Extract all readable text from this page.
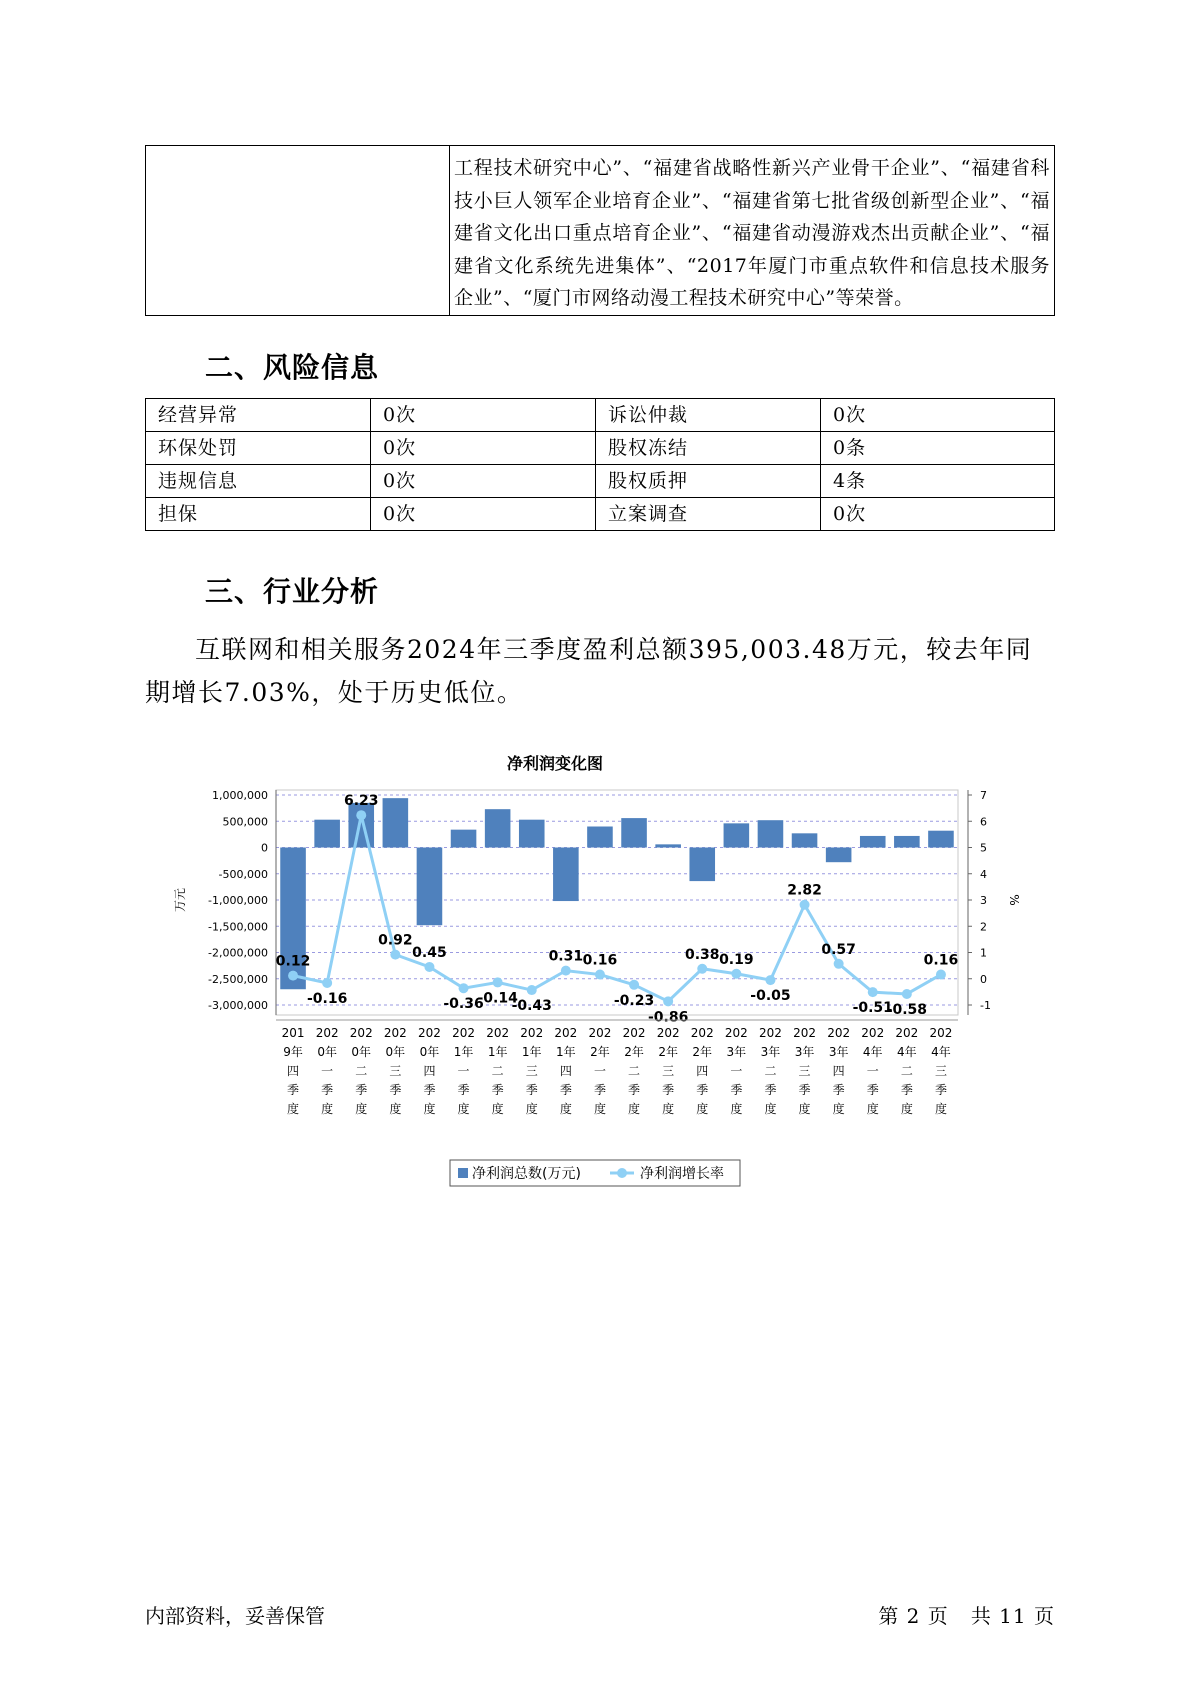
	工程技术研究中心”、“福建省战略性新兴产业骨干企业”、“福建省科技小巨人领军企业培育企业”、“福建省第七批省级创新型企业”、“福建省文化出口重点培育企业”、“福建省动漫游戏杰出贡献企业”、“福建省文化系统先进集体”、“2017年厦门市重点软件和信息技术服务企业”、“厦门市网络动漫工程技术研究中心”等荣誉。
二、风险信息
经营异常	0次	诉讼仲裁	0次
环保处罚	0次	股权冻结	0条
违规信息	0次	股权质押	4条
担保	0次	立案调查	0次
三、行业分析
互联网和相关服务2024年三季度盈利总额395,003.48万元，较去年同期增长7.03%，处于历史低位。
净利润变化图
1,000,000
500,000
0
-500,000
-1,000,000
-1,500,000
-2,000,000
-2,500,000
-3,000,000
7
6
5
4
3
2
1
0
-1
万元	%
0.12
-0.16
6.23
0.92
0.45
-0.36
-0.14
-0.43
0.31 0.16
-0.23
-0.86
0.38 0.19
-0.05
2.82
0.57
-0.51
-0.58
0.16
201 9年四季度
202 0年一季度
202 0年二季度
202 0年三季度
202 0年四季度
202 1年一季度
202 1年二季度
202 1年三季度
202 1年四季度
202 2年一季度
202 2年二季度
202 2年三季度
202 2年四季度
202 3年一季度
202 3年二季度
202 3年三季度
202 3年四季度
202 4年一季度
202 4年二季度
202 4年三季度
净利润总数(万元)	净利润增长率
内部资料，妥善保管	第 2 页   共 11 页
